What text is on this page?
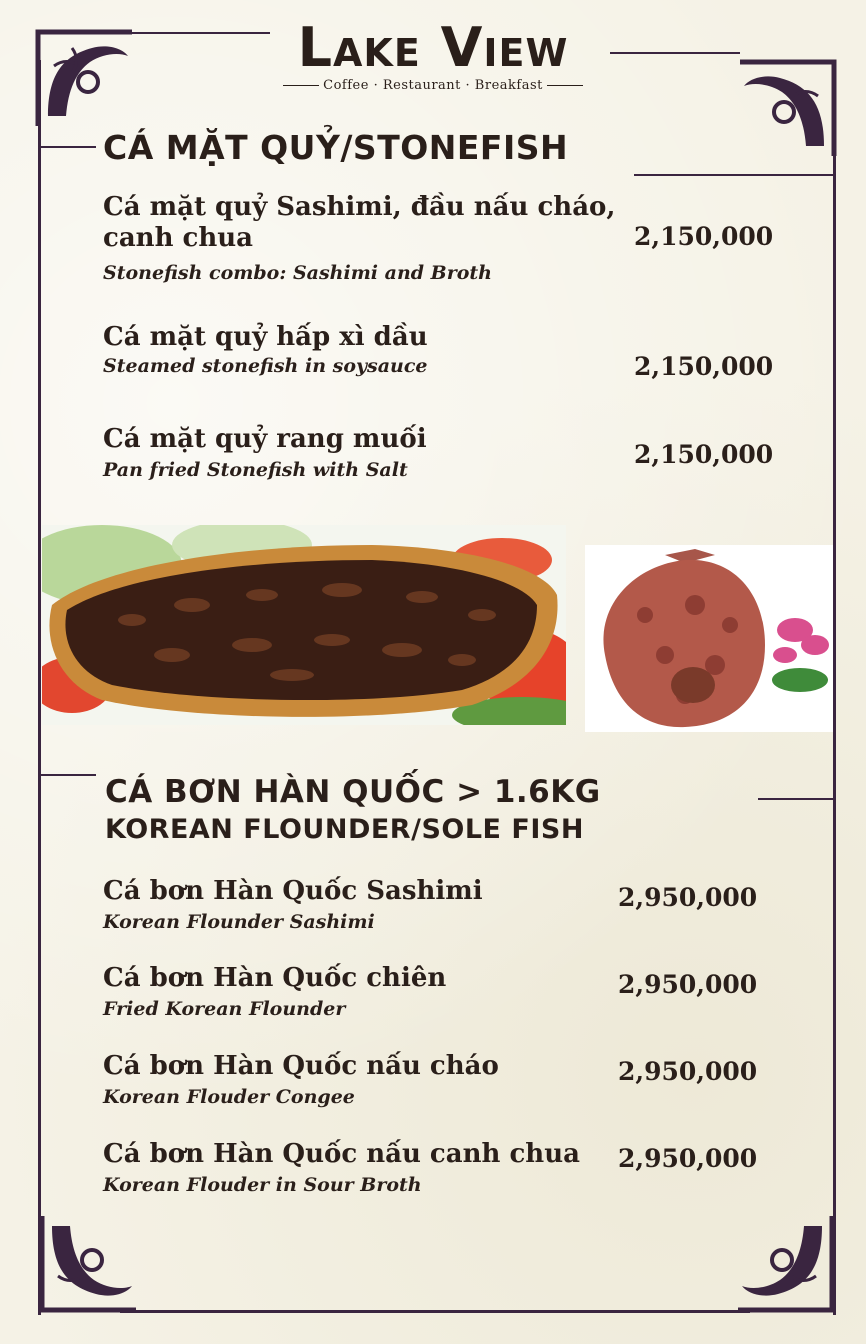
Lake View
Coffee · Restaurant · Breakfast
CÁ MẶT QUỶ/STONEFISH
Cá mặt quỷ Sashimi, đầu nấu cháo, canh chua
Stonefish combo: Sashimi and Broth
2,150,000
Cá mặt quỷ hấp xì dầu
Steamed stonefish in soysauce	2,150,000
Cá mặt quỷ rang muối
Pan fried Stonefish with Salt
2,150,000
CÁ BƠN HÀN QUỐC > 1.6KG
KOREAN FLOUNDER/SOLE FISH
Cá bơn Hàn Quốc Sashimi
Korean Flounder Sashimi
2,950,000
Cá bơn Hàn Quốc chiên
Fried Korean Flounder
2,950,000
Cá bơn Hàn Quốc nấu cháo
Korean Flouder Congee
2,950,000
Cá bơn Hàn Quốc nấu canh chua
Korean Flouder in Sour Broth
2,950,000
